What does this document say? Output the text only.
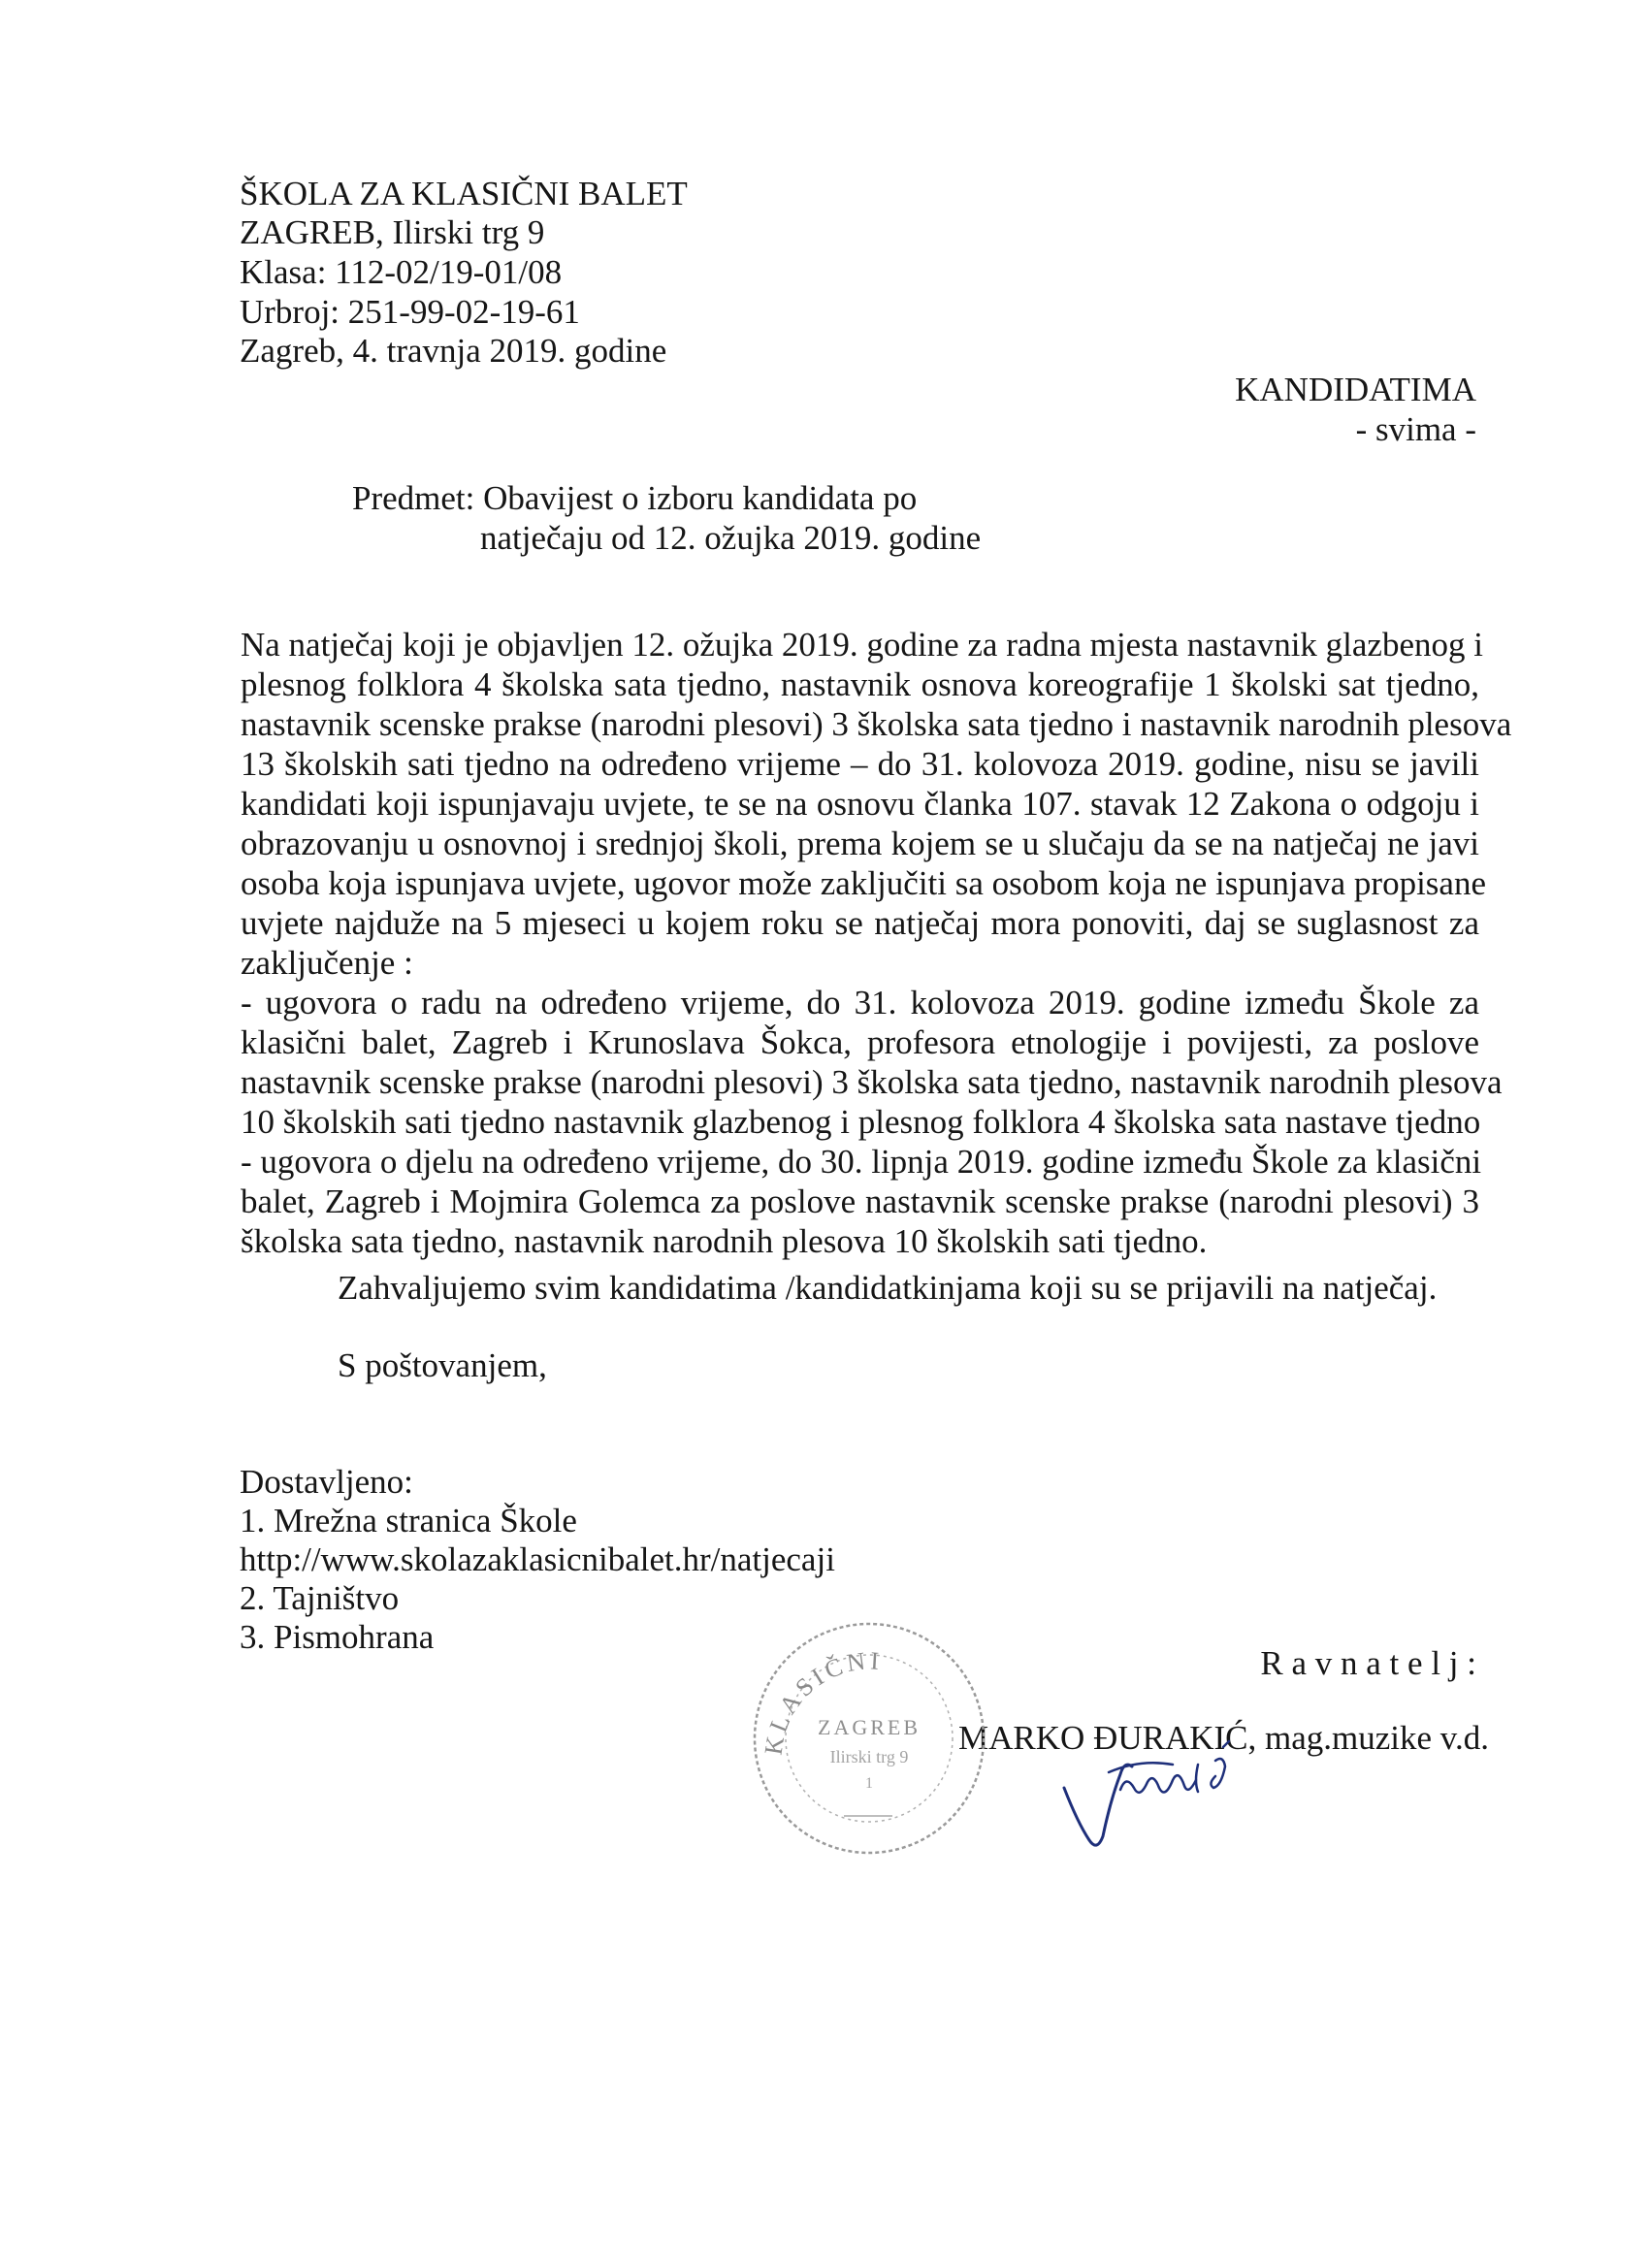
ŠKOLA ZA KLASIČNI BALET
ZAGREB, Ilirski trg 9
Klasa: 112-02/19-01/08
Urbroj: 251-99-02-19-61
Zagreb, 4. travnja 2019. godine
KANDIDATIMA
- svima -
Predmet: Obavijest o izboru kandidata po
natječaju od 12. ožujka 2019. godine
Na natječaj koji je objavljen 12. ožujka 2019. godine za radna mjesta nastavnik glazbenog i
plesnog folklora 4 školska sata tjedno, nastavnik osnova koreografije 1 školski sat tjedno,
nastavnik scenske prakse (narodni plesovi) 3 školska sata tjedno i nastavnik narodnih plesova
13 školskih sati tjedno na određeno vrijeme – do 31. kolovoza 2019. godine, nisu se javili
kandidati koji ispunjavaju uvjete, te se na osnovu članka 107. stavak 12 Zakona o odgoju i
obrazovanju u osnovnoj i srednjoj školi, prema kojem se u slučaju da se na natječaj ne javi
osoba koja ispunjava uvjete, ugovor može zaključiti sa osobom koja ne ispunjava propisane
uvjete najduže na 5 mjeseci u kojem roku se natječaj mora ponoviti, daj se suglasnost za
zaključenje :
- ugovora o radu na određeno vrijeme, do 31. kolovoza 2019. godine između Škole za
klasični balet, Zagreb i Krunoslava Šokca, profesora etnologije i povijesti, za poslove
nastavnik scenske prakse (narodni plesovi) 3 školska sata tjedno, nastavnik narodnih plesova
10 školskih sati tjedno nastavnik glazbenog i plesnog folklora 4 školska sata nastave tjedno
- ugovora o djelu na određeno vrijeme, do 30. lipnja 2019. godine između Škole za klasični
balet, Zagreb i Mojmira Golemca za poslove nastavnik scenske prakse (narodni plesovi) 3
školska sata tjedno, nastavnik narodnih plesova 10 školskih sati tjedno.
Zahvaljujemo svim kandidatima /kandidatkinjama koji su se prijavili na natječaj.
S poštovanjem,
Dostavljeno:
1. Mrežna stranica Škole
http://www.skolazaklasicnibalet.hr/natjecaji
2. Tajništvo
3. Pismohrana
R a v n a t e l j :
MARKO ĐURAKIĆ, mag.muzike v.d.
KLASIČNI
ZAGREB
Ilirski trg 9
1
